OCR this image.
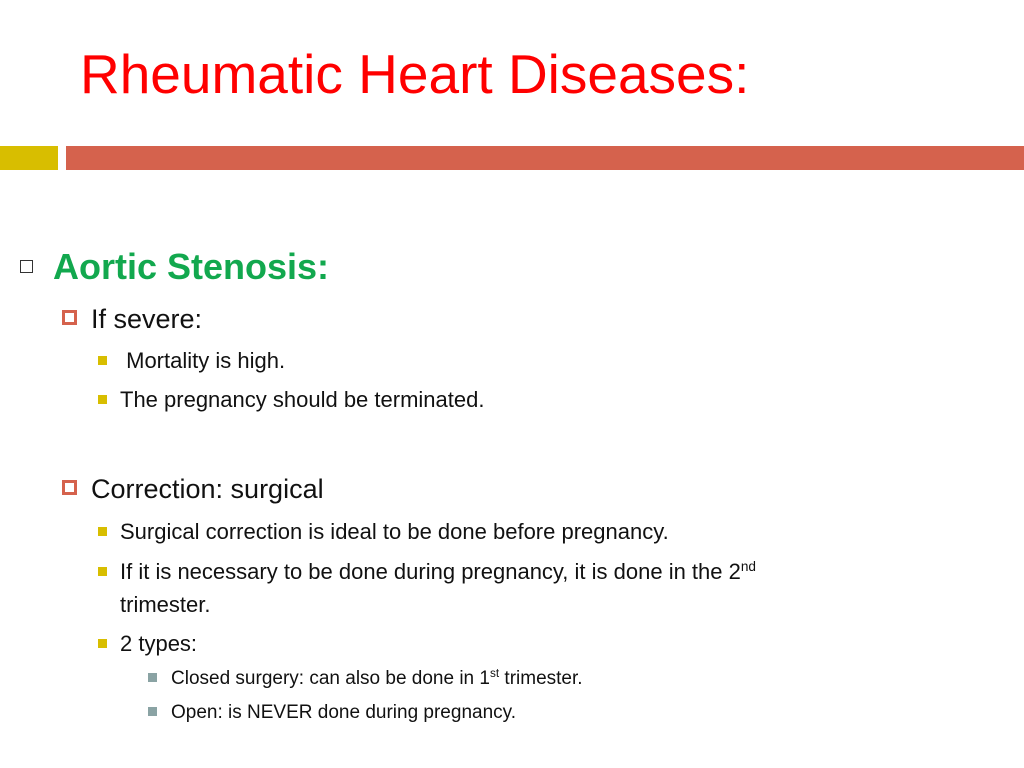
Rheumatic Heart Diseases:
Aortic Stenosis:
If severe:
Mortality is high.
The pregnancy should be terminated.
Correction: surgical
Surgical correction is ideal to be done before pregnancy.
If it is necessary to be done during pregnancy, it is done in the 2nd
trimester.
2 types:
Closed surgery: can also be done in 1st trimester.
Open: is NEVER done during pregnancy.
